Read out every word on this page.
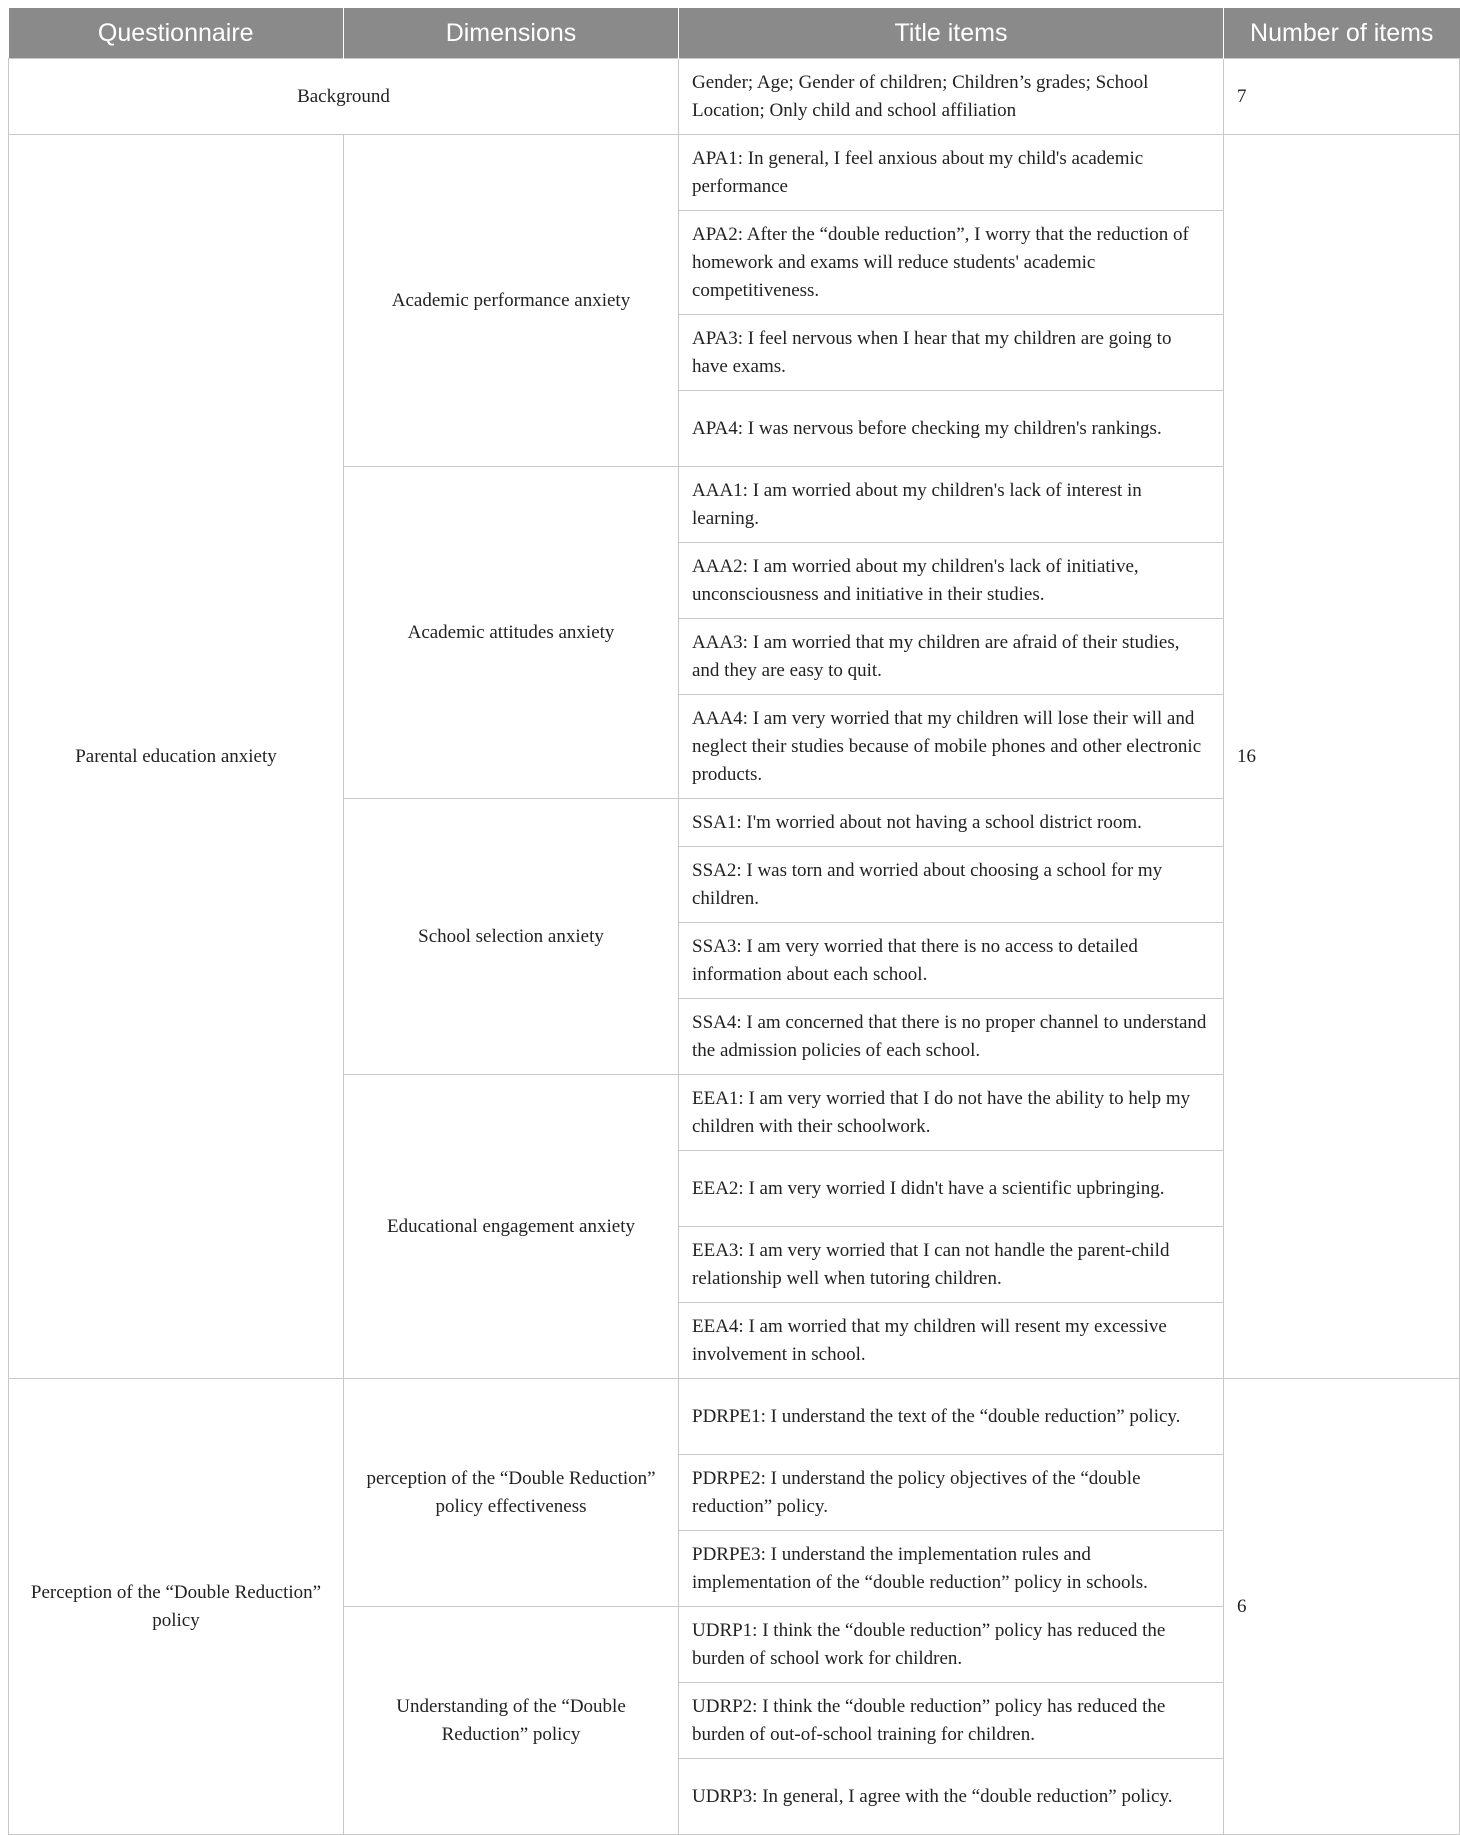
Questionnaire	Dimensions	Title items	Number of items
Background		Gender; Age; Gender of children; Children’s grades; School Location; Only child and school affiliation	7
Parental education anxiety	Academic performance anxiety	APA1: In general, I feel anxious about my child's academic performance	16
		APA2: After the “double reduction”, I worry that the reduction of homework and exams will reduce students' academic competitiveness.	
		APA3: I feel nervous when I hear that my children are going to have exams.	
		APA4: I was nervous before checking my children's rankings.	
	Academic attitudes anxiety	AAA1: I am worried about my children's lack of interest in learning.	
		AAA2: I am worried about my children's lack of initiative, unconsciousness and initiative in their studies.	
		AAA3: I am worried that my children are afraid of their studies, and they are easy to quit.	
		AAA4: I am very worried that my children will lose their will and neglect their studies because of mobile phones and other electronic products.	
	School selection anxiety	SSA1: I'm worried about not having a school district room.	
		SSA2: I was torn and worried about choosing a school for my children.	
		SSA3: I am very worried that there is no access to detailed information about each school.	
		SSA4: I am concerned that there is no proper channel to understand the admission policies of each school.	
	Educational engagement anxiety	EEA1: I am very worried that I do not have the ability to help my children with their schoolwork.	
		EEA2: I am very worried I didn't have a scientific upbringing.	
		EEA3: I am very worried that I can not handle the parent-child relationship well when tutoring children.	
		EEA4: I am worried that my children will resent my excessive involvement in school.	
Perception of the “Double Reduction” policy	perception of the “Double Reduction” policy effectiveness	PDRPE1: I understand the text of the “double reduction” policy.	6
		PDRPE2: I understand the policy objectives of the “double reduction” policy.	
		PDRPE3: I understand the implementation rules and implementation of the “double reduction” policy in schools.	
	Understanding of the “Double Reduction” policy	UDRP1: I think the “double reduction” policy has reduced the burden of school work for children.	
		UDRP2: I think the “double reduction” policy has reduced the burden of out-of-school training for children.	
		UDRP3: In general, I agree with the “double reduction” policy.	
